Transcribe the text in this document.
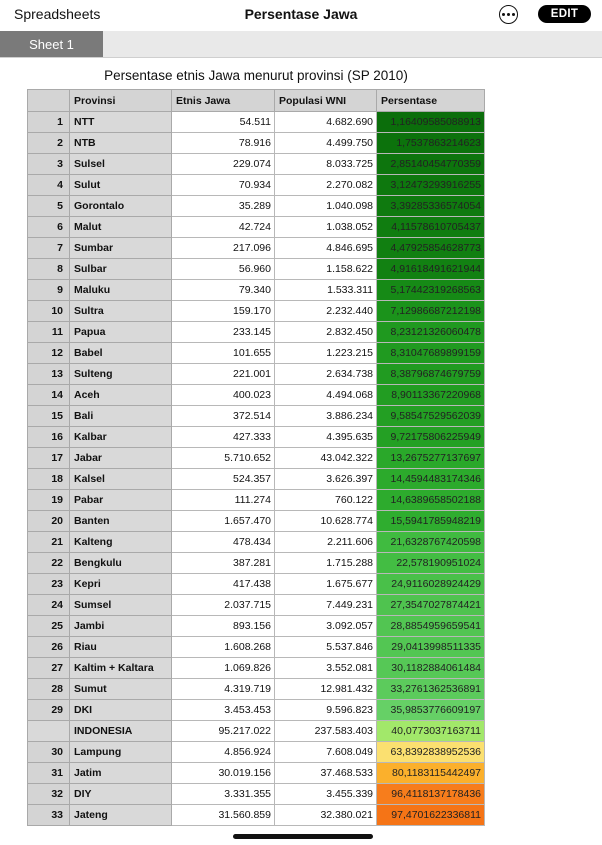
Spreadsheets	Persentase Jawa	EDIT
Sheet 1
Persentase etnis Jawa menurut provinsi (SP 2010)
	Provinsi	Etnis Jawa	Populasi WNI	Persentase
1	NTT	54.511	4.682.690	1,16409585088913
2	NTB	78.916	4.499.750	1,7537863214623
3	Sulsel	229.074	8.033.725	2,85140454770359
4	Sulut	70.934	2.270.082	3,12473293916255
5	Gorontalo	35.289	1.040.098	3,39285336574054
6	Malut	42.724	1.038.052	4,11578610705437
7	Sumbar	217.096	4.846.695	4,47925854628773
8	Sulbar	56.960	1.158.622	4,91618491621944
9	Maluku	79.340	1.533.311	5,17442319268563
10	Sultra	159.170	2.232.440	7,12986687212198
11	Papua	233.145	2.832.450	8,23121326060478
12	Babel	101.655	1.223.215	8,31047689899159
13	Sulteng	221.001	2.634.738	8,38796874679759
14	Aceh	400.023	4.494.068	8,90113367220968
15	Bali	372.514	3.886.234	9,58547529562039
16	Kalbar	427.333	4.395.635	9,72175806225949
17	Jabar	5.710.652	43.042.322	13,2675277137697
18	Kalsel	524.357	3.626.397	14,4594483174346
19	Pabar	111.274	760.122	14,6389658502188
20	Banten	1.657.470	10.628.774	15,5941785948219
21	Kalteng	478.434	2.211.606	21,6328767420598
22	Bengkulu	387.281	1.715.288	22,578190951024
23	Kepri	417.438	1.675.677	24,9116028924429
24	Sumsel	2.037.715	7.449.231	27,3547027874421
25	Jambi	893.156	3.092.057	28,8854959659541
26	Riau	1.608.268	5.537.846	29,0413998511335
27	Kaltim + Kaltara	1.069.826	3.552.081	30,1182884061484
28	Sumut	4.319.719	12.981.432	33,2761362536891
29	DKI	3.453.453	9.596.823	35,9853776609197
	INDONESIA	95.217.022	237.583.403	40,0773037163711
30	Lampung	4.856.924	7.608.049	63,8392838952536
31	Jatim	30.019.156	37.468.533	80,1183115442497
32	DIY	3.331.355	3.455.339	96,4118137178436
33	Jateng	31.560.859	32.380.021	97,4701622336811
